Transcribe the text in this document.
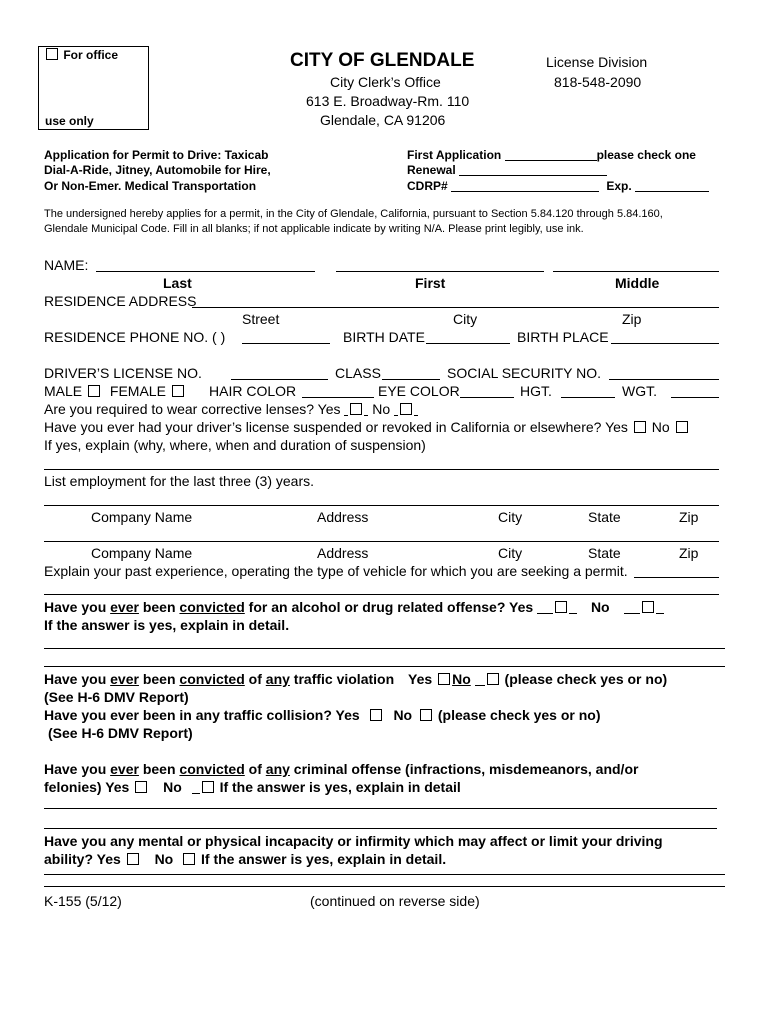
For office
use only
CITY OF GLENDALE
City Clerk’s Office
613 E. Broadway-Rm. 110
Glendale, CA 91206
License Division
818-548-2090
Application for Permit to Drive: Taxicab
Dial-A-Ride, Jitney, Automobile for Hire,
Or Non-Emer. Medical Transportation
First Application	please check one
Renewal
CDRP#	Exp.
The undersigned hereby applies for a permit, in the City of Glendale, California, pursuant to Section 5.84.120 through 5.84.160,
Glendale Municipal Code. Fill in all blanks; if not applicable indicate by writing N/A. Please print legibly, use ink.
NAME:
Last	First	Middle
RESIDENCE ADDRESS
Street	City	Zip
RESIDENCE PHONE NO. ( )	BIRTH DATE	BIRTH PLACE
DRIVER’S LICENSE NO.	CLASS	SOCIAL SECURITY NO.
MALE FEMALE	HAIR COLOR	EYE COLOR	HGT.	WGT.
Are you required to wear corrective lenses? Yes No
Have you ever had your driver’s license suspended or revoked in California or elsewhere? Yes No
If yes, explain (why, where, when and duration of suspension)
List employment for the last three (3) years.
Company Name	Address	City	State	Zip
Company Name	Address	City	State	Zip
Explain your past experience, operating the type of vehicle for which you are seeking a permit.
Have you ever been convicted for an alcohol or drug related offense? Yes	No
If the answer is yes, explain in detail.
Have you ever been convicted of any traffic violation Yes No (please check yes or no)
(See H-6 DMV Report)
Have you ever been in any traffic collision? Yes No (please check yes or no)
(See H-6 DMV Report)
Have you ever been convicted of any criminal offense (infractions, misdemeanors, and/or
felonies) Yes No	If the answer is yes, explain in detail
Have you any mental or physical incapacity or infirmity which may affect or limit your driving
ability? Yes No If the answer is yes, explain in detail.
K-155 (5/12)	(continued on reverse side)
